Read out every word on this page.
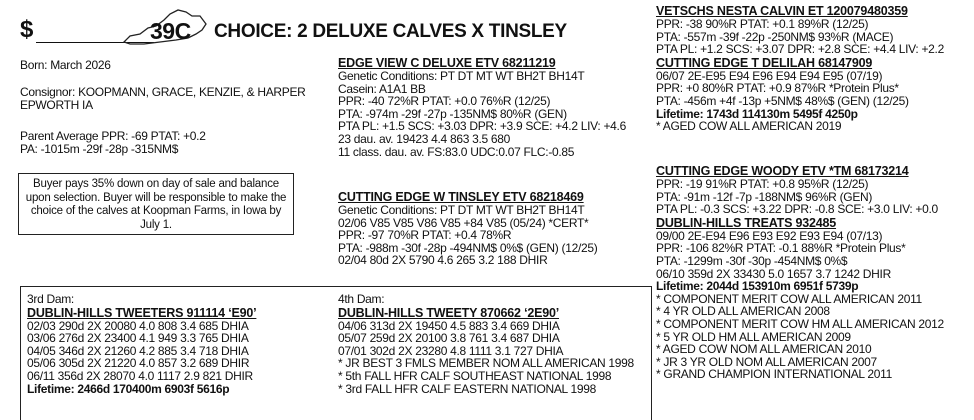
$	39C CHOICE: 2 DELUXE CALVES X TINSLEY
Born: March 2026
Consignor: KOOPMANN, GRACE, KENZIE, & HARPER
EPWORTH IA
Parent Average PPR: -69 PTAT: +0.2
PA: -1015m -29f -28p -315NM$
Buyer pays 35% down on day of sale and balance upon selection. Buyer will be responsible to make the choice of the calves at Koopman Farms, in Iowa by July 1.
EDGE VIEW C DELUXE ETV 68211219
Genetic Conditions: PT DT MT WT BH2T BH14T
Casein: A1A1 BB
PPR: -40 72%R PTAT: +0.0 76%R (12/25)
PTA: -974m -29f -27p -135NM$ 80%R (GEN)
PTA PL: +1.5 SCS: +3.03 DPR: +3.9 SCE: +4.2 LIV: +4.6
23 dau. av. 19423 4.4 863 3.5 680
11 class. dau. av. FS:83.0 UDC:0.07 FLC:-0.85
CUTTING EDGE W TINSLEY ETV 68218469
Genetic Conditions: PT DT MT WT BH2T BH14T
02/06 V85 V85 V86 V85 +84 V85 (05/24) *CERT*
PPR: -97 70%R PTAT: +0.4 78%R
PTA: -988m -30f -28p -494NM$ 0%$ (GEN) (12/25)
02/04 80d 2X 5790 4.6 265 3.2 188 DHIR
VETSCHS NESTA CALVIN ET 120079480359
PPR: -38 90%R PTAT: +0.1 89%R (12/25)
PTA: -557m -39f -22p -250NM$ 93%R (MACE)
PTA PL: +1.2 SCS: +3.07 DPR: +2.8 SCE: +4.4 LIV: +2.2
CUTTING EDGE T DELILAH 68147909
06/07 2E-E95 E94 E96 E94 E94 E95 (07/19)
PPR: +0 80%R PTAT: +0.9 87%R *Protein Plus*
PTA: -456m +4f -13p +5NM$ 48%$ (GEN) (12/25)
Lifetime: 1743d 114130m 5495f 4250p
* AGED COW ALL AMERICAN 2019
CUTTING EDGE WOODY ETV *TM 68173214
PPR: -19 91%R PTAT: +0.8 95%R (12/25)
PTA: -91m -12f -7p -188NM$ 96%R (GEN)
PTA PL: -0.3 SCS: +3.22 DPR: -0.8 SCE: +3.0 LIV: +0.0
DUBLIN-HILLS TREATS 932485
09/00 2E-E94 E96 E93 E92 E93 E94 (07/13)
PPR: -106 82%R PTAT: -0.1 88%R *Protein Plus*
PTA: -1299m -30f -30p -454NM$ 0%$
06/10 359d 2X 33430 5.0 1657 3.7 1242 DHIR
Lifetime: 2044d 153910m 6951f 5739p
* COMPONENT MERIT COW ALL AMERICAN 2011
* 4 YR OLD ALL AMERICAN 2008
* COMPONENT MERIT COW HM ALL AMERICAN 2012
* 5 YR OLD HM ALL AMERICAN 2009
* AGED COW NOM ALL AMERICAN 2010
* JR 3 YR OLD NOM ALL AMERICAN 2007
* GRAND CHAMPION INTERNATIONAL 2011
3rd Dam:
DUBLIN-HILLS TWEETERS 911114 ‘E90’
02/03 290d 2X 20080 4.0 808 3.4 685 DHIA
03/06 276d 2X 23400 4.1 949 3.3 765 DHIA
04/05 346d 2X 21260 4.2 885 3.4 718 DHIA
05/06 305d 2X 21220 4.0 857 3.2 689 DHIR
06/11 356d 2X 28070 4.0 1117 2.9 821 DHIR
Lifetime: 2466d 170400m 6903f 5616p
4th Dam:
DUBLIN-HILLS TWEETY 870662 ‘2E90’
04/06 313d 2X 19450 4.5 883 3.4 669 DHIA
05/07 259d 2X 20100 3.8 761 3.4 687 DHIA
07/01 302d 2X 23280 4.8 1111 3.1 727 DHIA
* JR BEST 3 FMLS MEMBER NOM ALL AMERICAN 1998
* 5th FALL HFR CALF SOUTHEAST NATIONAL 1998
* 3rd FALL HFR CALF EASTERN NATIONAL 1998
